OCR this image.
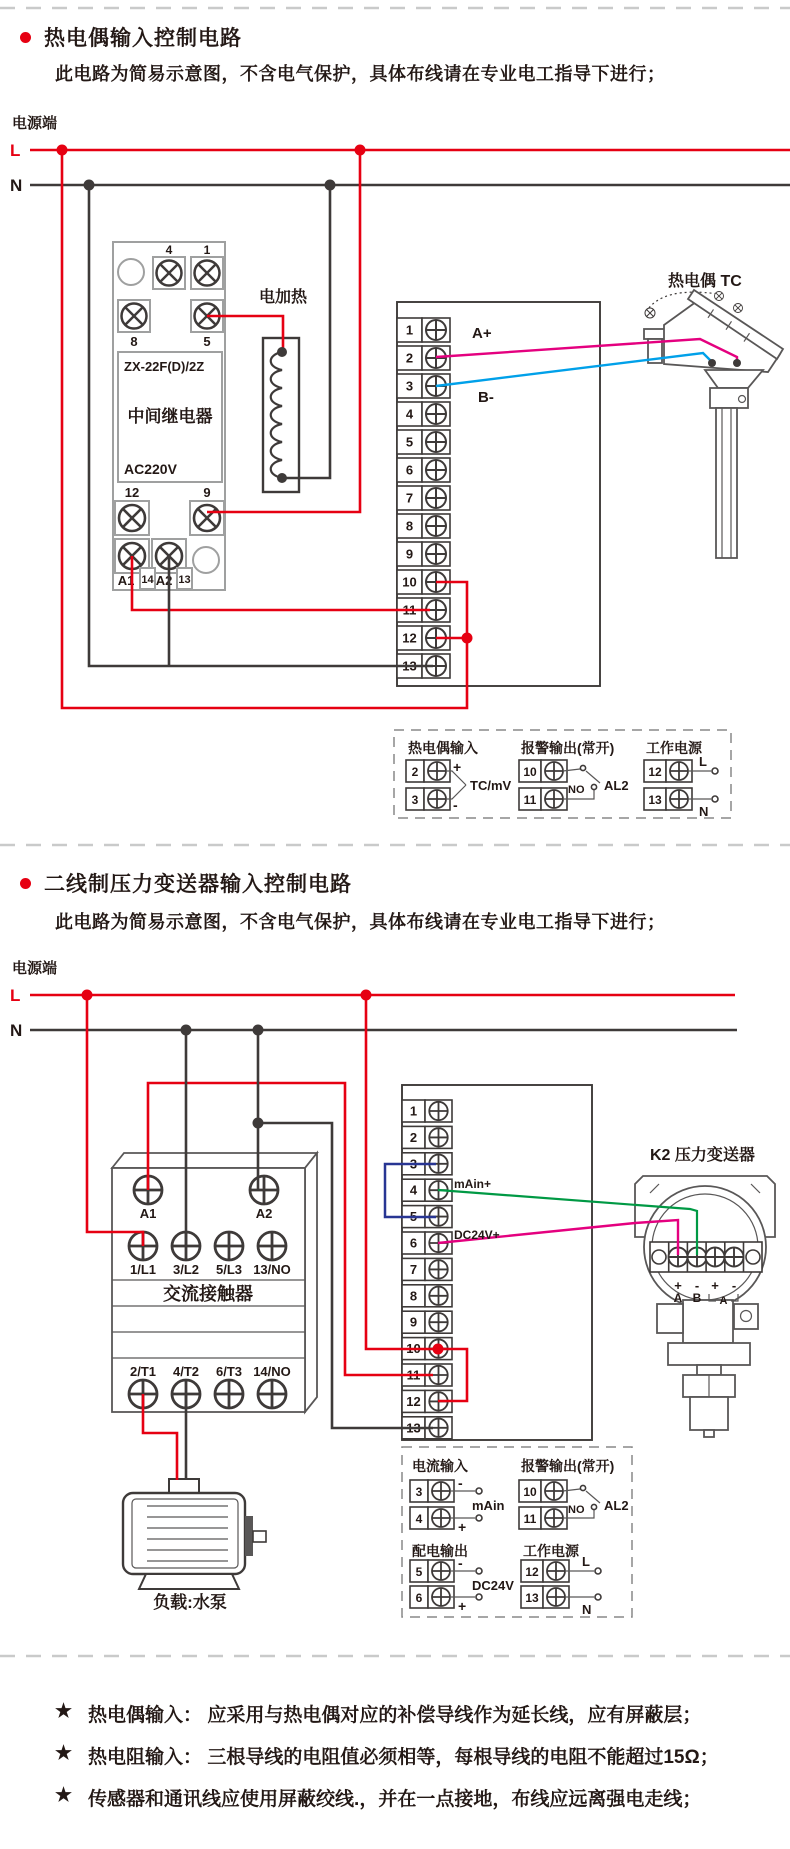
电源端
L
N
4	1
8	5
ZX-22F(D)/2Z
中间继电器
AC220V
12	9
A1 14 A2 13
电加热
1
2
3
4
5
6
7
8
9
10
11
12
13
热电偶 TC
A+
B-
热电偶输入
2
3
+
-
TC/mV
报警输出(常开)
10
11
NO AL2
工作电源
12
13
L
N
电源端
L
N
A1	A2
1/L1 3/L2 5/L3 13/NO
交流接触器
2/T1 4/T2 6/T3 14/NO
负载:水泵
1
2
3
4
5
6
7
8
9
10
11
12
13
K2 压力变送器
+ - + -
A B A
mAin+
DC24V+
电流输入
3
4
-
+
mAin
报警输出(常开)
10
11
NO AL2
配电输出
5
6
-
+
DC24V
工作电源
12
13
L
N
热电偶输入控制电路
此电路为简易示意图，不含电气保护，具体布线请在专业电工指导下进行；
二线制压力变送器输入控制电路
此电路为简易示意图，不含电气保护，具体布线请在专业电工指导下进行；
★ 热电偶输入： 应采用与热电偶对应的补偿导线作为延长线，应有屏蔽层；
★ 热电阻输入： 三根导线的电阻值必须相等，每根导线的电阻不能超过15Ω；
★ 传感器和通讯线应使用屏蔽绞线.，并在一点接地，布线应远离强电走线；
